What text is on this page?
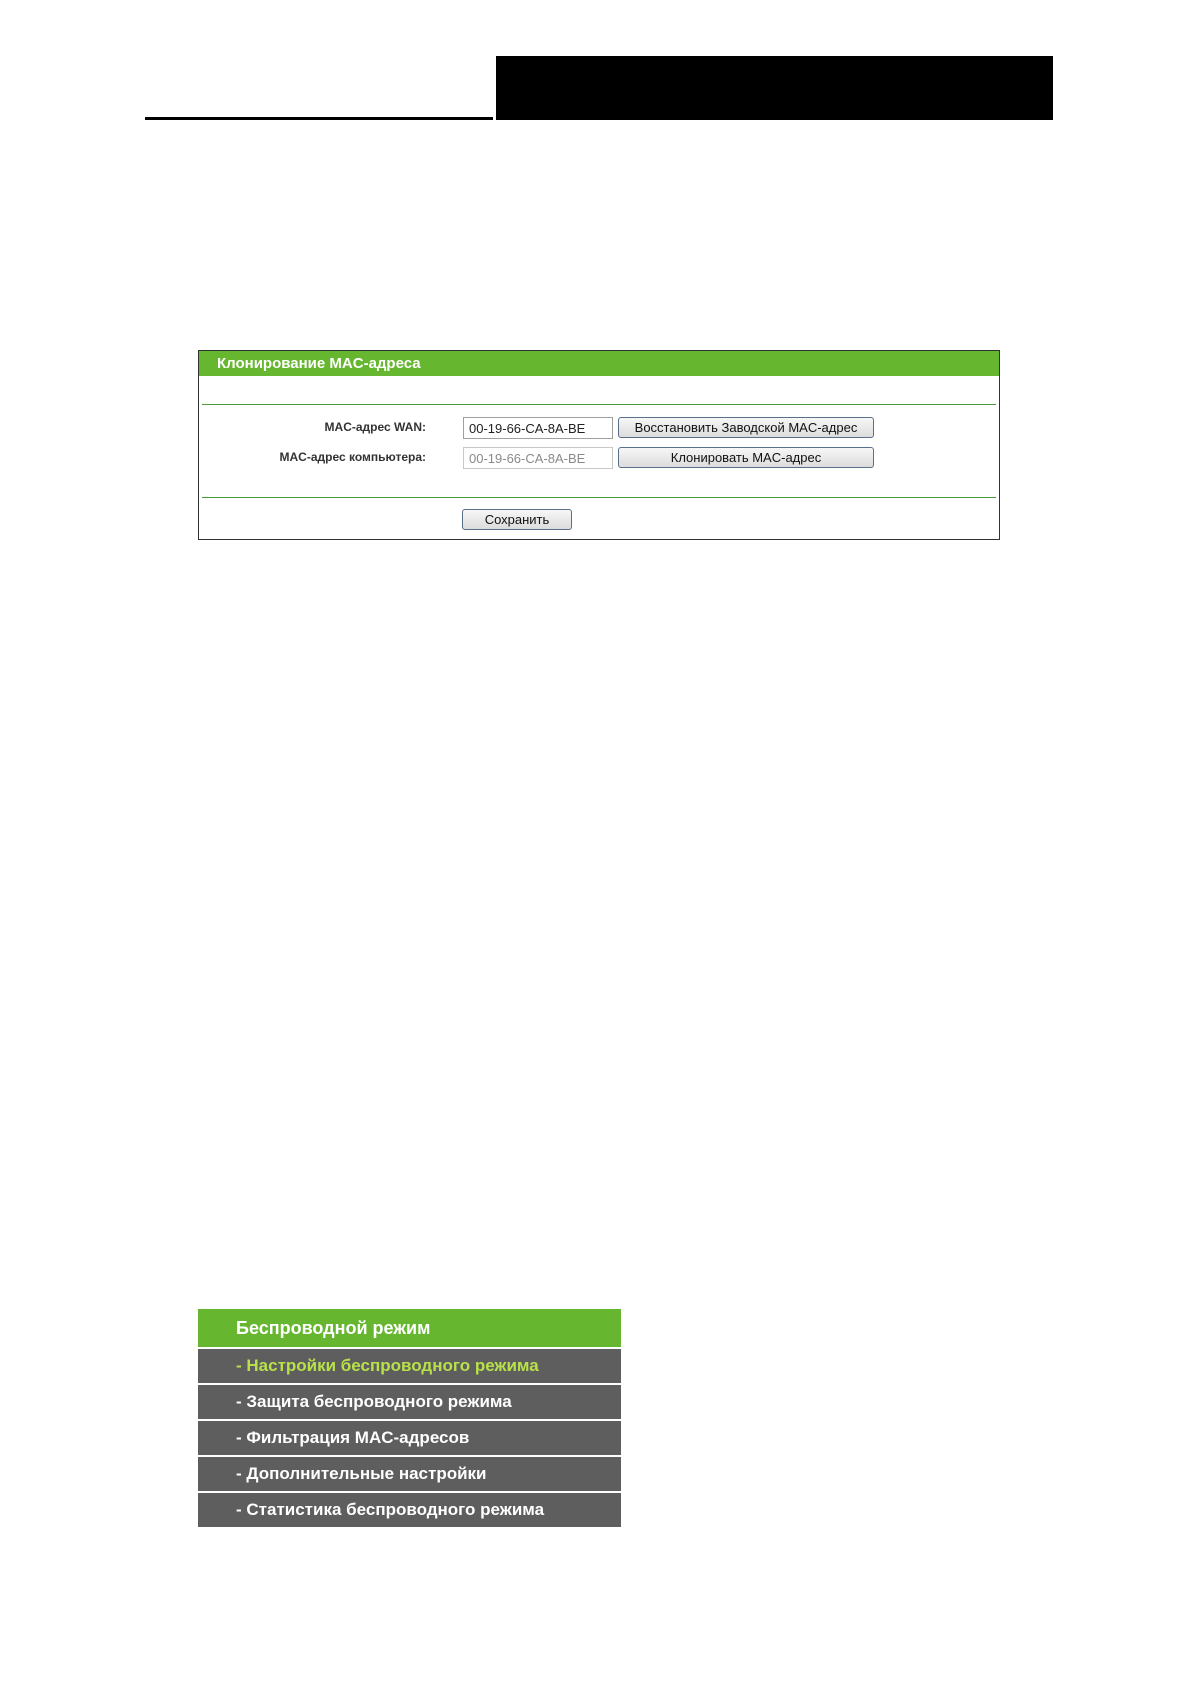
Клонирование MAC-адреса
MAC-адрес WAN:
00-19-66-CA-8A-BE	Восстановить Заводской MAC-адрес
MAC-адрес компьютера:
00-19-66-CA-8A-BE	Клонировать MAC-адрес
Сохранить
Беспроводной режим
- Настройки беспроводного режима
- Защита беспроводного режима
- Фильтрация MAC-адресов
- Дополнительные настройки
- Статистика беспроводного режима
